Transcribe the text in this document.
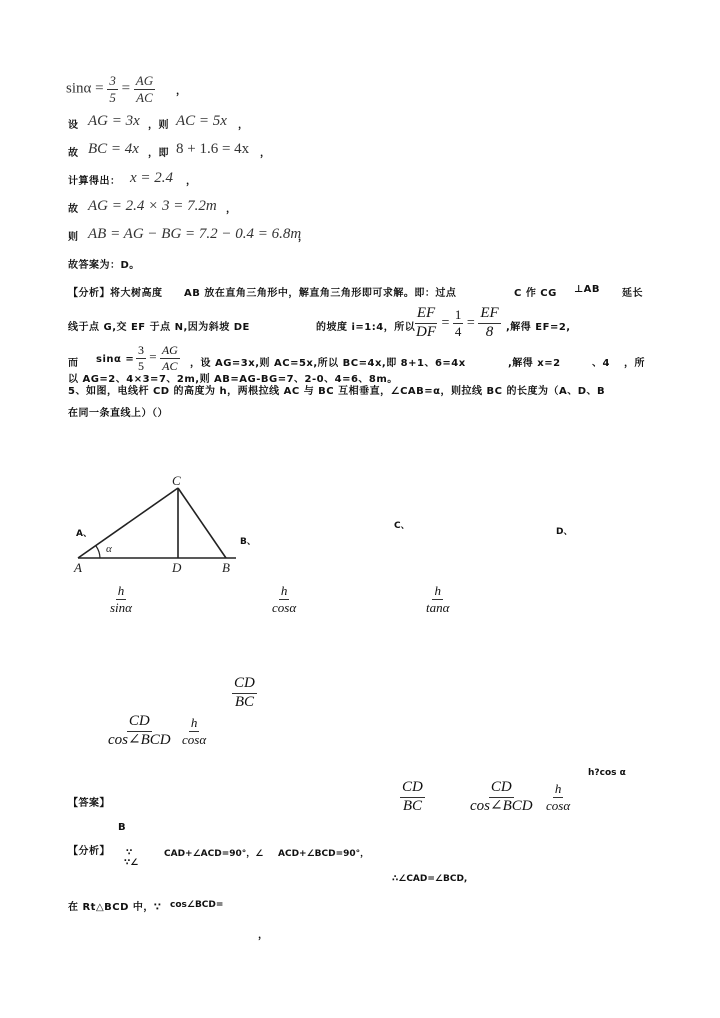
$\sin\alpha = \frac{3}{5} = \frac{AG}{AC}$ ，
设 AG = 3x ，则 AC = 5x ，
故 BC = 4x ，即 8 + 1.6 = 4x ，
计算得出： x = 2.4 ，
故 AG = 2.4 × 3 = 7.2m ，
则 AB = AG − BG = 7.2 − 0.4 = 6.8m
，
故答案为：D。
【分析】将大树高度 AB 放在直角三角形中，解直角三角形即可求解。即：过点	C 作 CG ⊥AB 延长
线于点 G,交 EF 于点 N,因为斜坡 DE	的坡度 i=1:4，所以
$\frac{EF}{DF} = \frac{1}{4} = \frac{EF}{8}$ ,解得 EF=2,
而 $\sin\alpha = \frac{3}{5} = \frac{AG}{AC}$ ，设 AG=3x,则 AC=5x,所以 BC=4x,即 8+1、6=4x	,解得 x=2	、4 ，所
以 AG=2、4×3=7、2m,则 AB=AG-BG=7、2-0、4=6、8m。
5、如图，电线杆 CD 的高度为 h，两根拉线 AC 与 BC 互相垂直，∠CAB=α，则拉线 BC 的长度为（A、D、B
在同一条直线上）（）
C
A	D	B
α
A、
B、
C、
D、
$\frac{h}{\sin\alpha}$	$\frac{h}{\cos\alpha}$	$\frac{h}{\tan\alpha}$
$\frac{CD}{BC}$
$\frac{CD}{\text{cos∠BCD}} \frac{h}{\cos\alpha}$
h?cos α
【答案】	$\frac{CD}{BC}$	$\frac{CD}{\text{cos∠BCD}} \frac{h}{\cos\alpha}$
B
【分析】 ∵
∵∠
CAD+∠ACD=90°，∠ ACD+∠BCD=90°，
∴∠CAD=∠BCD,
在 Rt△BCD 中，∵ cos∠BCD=
，
